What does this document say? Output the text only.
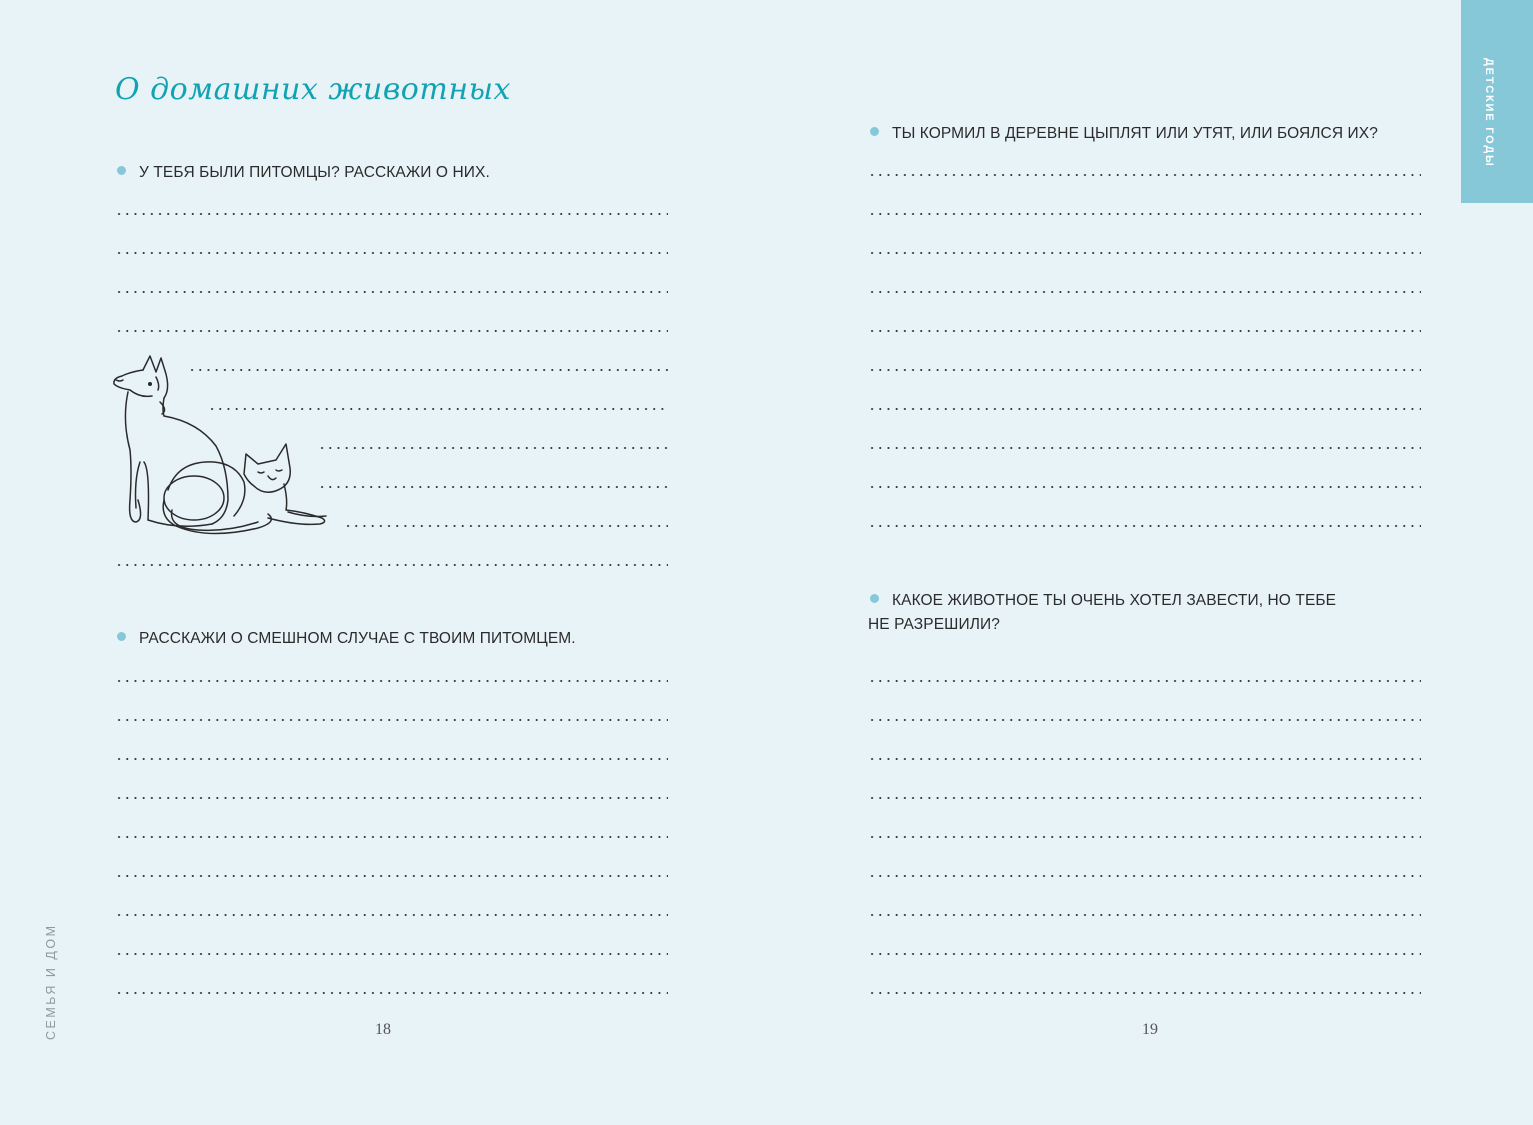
О домашних животных
У ТЕБЯ БЫЛИ ПИТОМЦЫ? РАССКАЖИ О НИХ.
РАССКАЖИ О СМЕШНОМ СЛУЧАЕ С ТВОИМ ПИТОМЦЕМ.
СЕМЬЯ И ДОМ	18
ТЫ КОРМИЛ В ДЕРЕВНЕ ЦЫПЛЯТ ИЛИ УТЯТ, ИЛИ БОЯЛСЯ ИХ?
КАКОЕ ЖИВОТНОЕ ТЫ ОЧЕНЬ ХОТЕЛ ЗАВЕСТИ, НО ТЕБЕ
НЕ РАЗРЕШИЛИ?
19
ДЕТСКИЕ ГОДЫ
